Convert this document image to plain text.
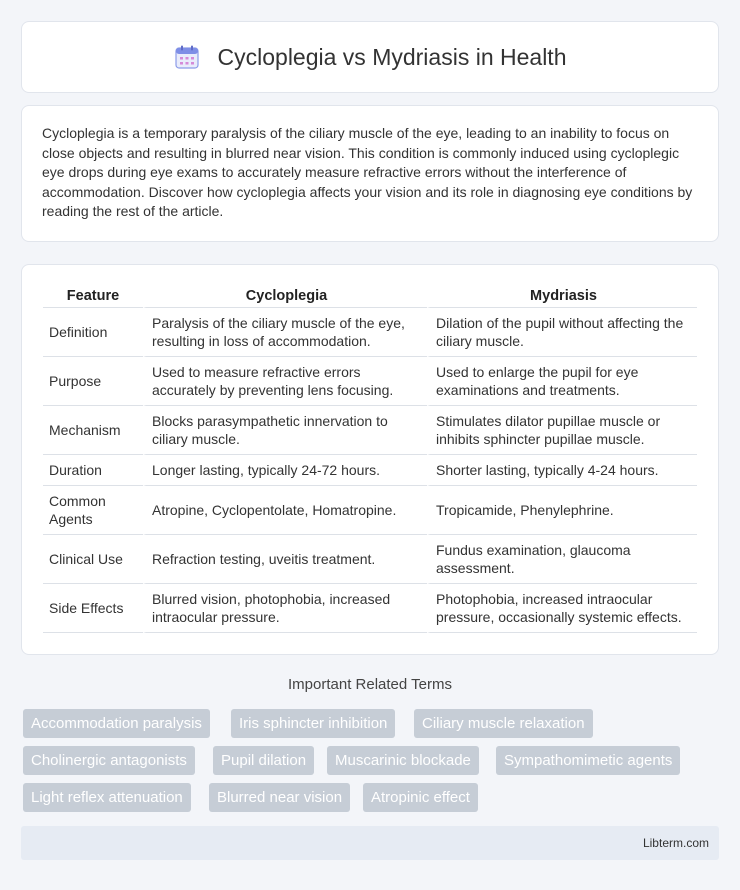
Cycloplegia vs Mydriasis in Health

Cycloplegia is a temporary paralysis of the ciliary muscle of the eye, leading to an inability to focus on close objects and resulting in blurred near vision. This condition is commonly induced using cycloplegic eye drops during eye exams to accurately measure refractive errors without the interference of accommodation. Discover how cycloplegia affects your vision and its role in diagnosing eye conditions by reading the rest of the article.

Feature	Cycloplegia	Mydriasis
Definition	Paralysis of the ciliary muscle of the eye, resulting in loss of accommodation.	Dilation of the pupil without affecting the ciliary muscle.
Purpose	Used to measure refractive errors accurately by preventing lens focusing.	Used to enlarge the pupil for eye examinations and treatments.
Mechanism	Blocks parasympathetic innervation to ciliary muscle.	Stimulates dilator pupillae muscle or inhibits sphincter pupillae muscle.
Duration	Longer lasting, typically 24-72 hours.	Shorter lasting, typically 4-24 hours.
Common Agents	Atropine, Cyclopentolate, Homatropine.	Tropicamide, Phenylephrine.
Clinical Use	Refraction testing, uveitis treatment.	Fundus examination, glaucoma assessment.
Side Effects	Blurred vision, photophobia, increased intraocular pressure.	Photophobia, increased intraocular pressure, occasionally systemic effects.
Important Related Terms
Accommodation paralysis	Iris sphincter inhibition	Ciliary muscle relaxation
Cholinergic antagonists	Pupil dilation	Muscarinic blockade	Sympathomimetic agents
Light reflex attenuation	Blurred near vision	Atropinic effect
Libterm.com
